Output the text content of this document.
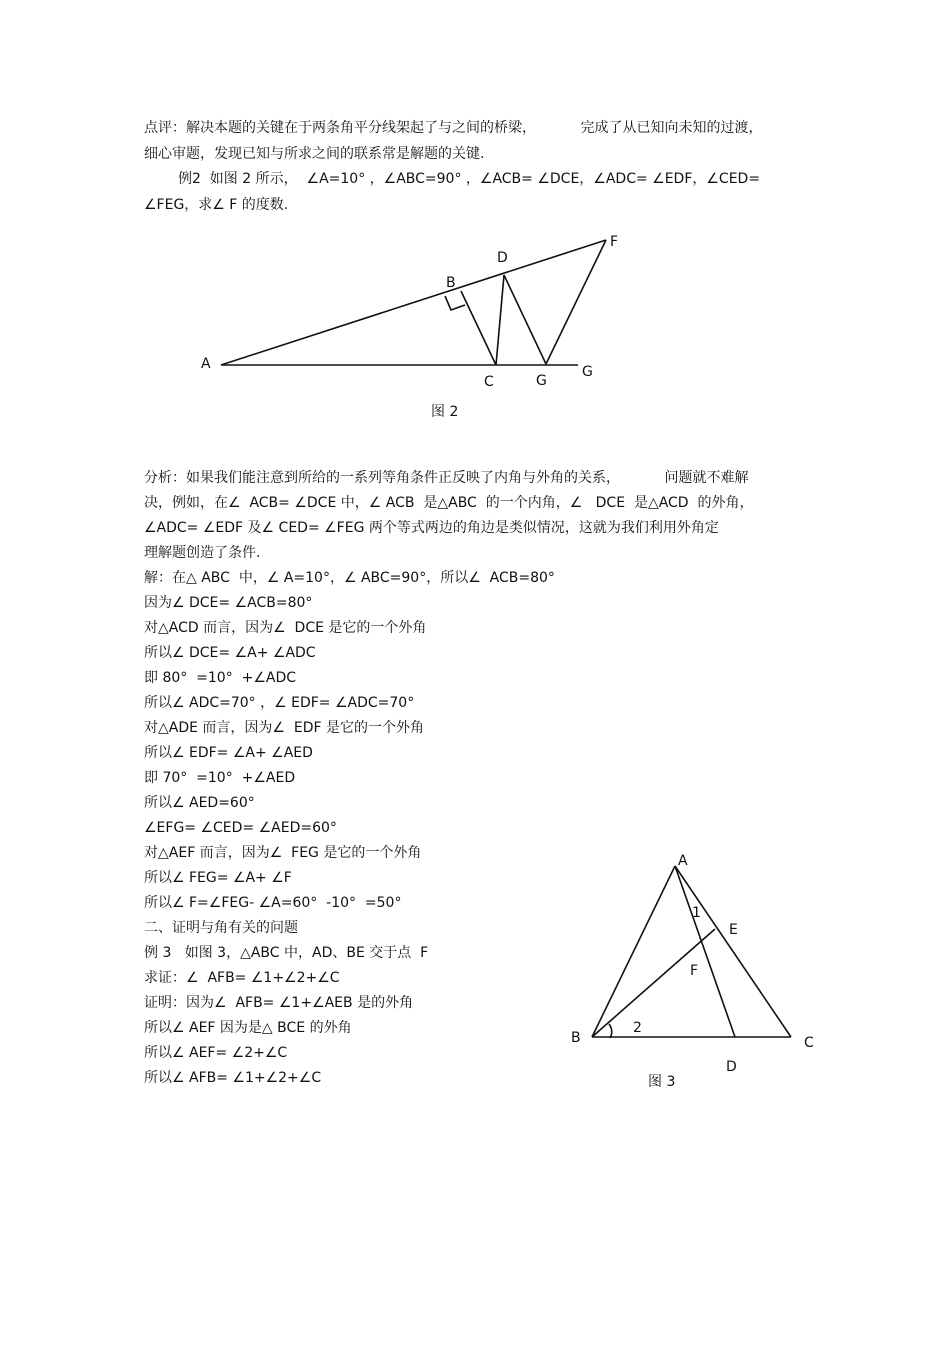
点评：解决本题的关键在于两条角平分线架起了与之间的桥梁，          完成了从已知向未知的过渡，
细心审题，发现已知与所求之间的联系常是解题的关键.
例2  如图 2 所示，  ∠A=10° ，∠ABC=90° ，∠ACB= ∠DCE，∠ADC= ∠EDF，∠CED=
∠FEG，求∠ F 的度数.
A
B
C
D
F
G
G
图 2
分析：如果我们能注意到所给的一系列等角条件正反映了内角与外角的关系，          问题就不难解
决，例如，在∠  ACB= ∠DCE 中，∠ ACB  是△ABC  的一个内角，∠   DCE  是△ACD  的外角，
∠ADC= ∠EDF 及∠ CED= ∠FEG 两个等式两边的角边是类似情况，这就为我们利用外角定
理解题创造了条件.
解：在△ ABC  中，∠ A=10°，∠ ABC=90°，所以∠  ACB=80°
因为∠ DCE= ∠ACB=80°
对△ACD 而言，因为∠  DCE 是它的一个外角
所以∠ DCE= ∠A+ ∠ADC
即 80°  =10°  +∠ADC
所以∠ ADC=70° ，∠ EDF= ∠ADC=70°
对△ADE 而言，因为∠  EDF 是它的一个外角
所以∠ EDF= ∠A+ ∠AED
即 70°  =10°  +∠AED
所以∠ AED=60°
∠EFG= ∠CED= ∠AED=60°
对△AEF 而言，因为∠  FEG 是它的一个外角
所以∠ FEG= ∠A+ ∠F
所以∠ F=∠FEG- ∠A=60°  -10°  =50°
二、证明与角有关的问题
例 3   如图 3，△ABC 中，AD、BE 交于点  F
求证：∠  AFB= ∠1+∠2+∠C
证明：因为∠  AFB= ∠1+∠AEB 是的外角
所以∠ AEF 因为是△ BCE 的外角
所以∠ AEF= ∠2+∠C
所以∠ AFB= ∠1+∠2+∠C
A
B	C
D
E
F
1
2
图 3
